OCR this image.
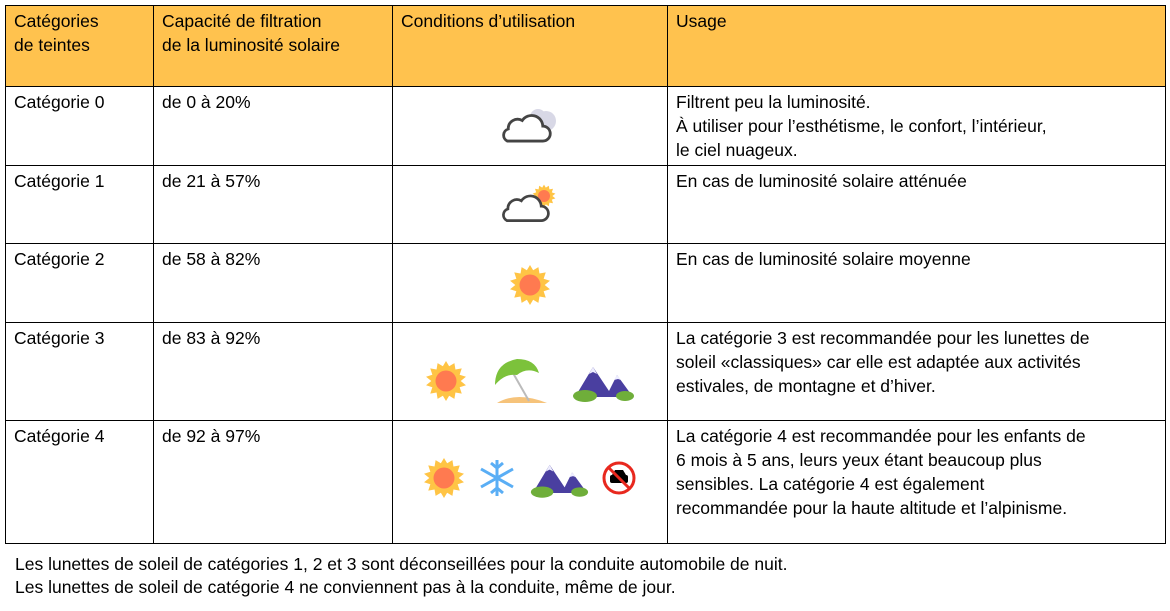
Catégories
de teintes	Capacité de filtration
de la luminosité solaire	Conditions d’utilisation	Usage
Catégorie 0	de 0 à 20%		Filtrent peu la luminosité.
À utiliser pour l’esthétisme, le confort, l’intérieur,
le ciel nuageux.
Catégorie 1	de 21 à 57%		En cas de luminosité solaire atténuée
Catégorie 2	de 58 à 82%		En cas de luminosité solaire moyenne
Catégorie 3	de 83 à 92%		La catégorie 3 est recommandée pour les lunettes de
soleil «classiques» car elle est adaptée aux activités
estivales, de montagne et d’hiver.
Catégorie 4	de 92 à 97%		La catégorie 4 est recommandée pour les enfants de
6 mois à 5 ans, leurs yeux étant beaucoup plus
sensibles. La catégorie 4 est également
recommandée pour la haute altitude et l’alpinisme.
Les lunettes de soleil de catégories 1, 2 et 3 sont déconseillées pour la conduite automobile de nuit.
Les lunettes de soleil de catégorie 4 ne conviennent pas à la conduite, même de jour.
